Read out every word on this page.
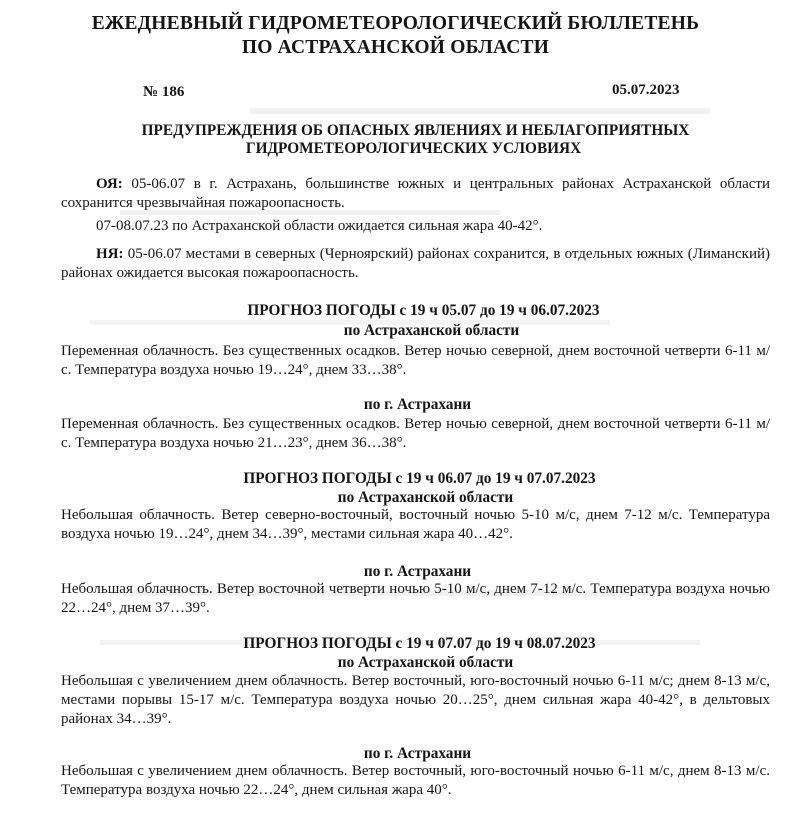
ЕЖЕДНЕВНЫЙ ГИДРОМЕТЕОРОЛОГИЧЕСКИЙ БЮЛЛЕТЕНЬ
ПО АСТРАХАНСКОЙ ОБЛАСТИ
№ 186	05.07.2023
ПРЕДУПРЕЖДЕНИЯ ОБ ОПАСНЫХ ЯВЛЕНИЯХ И НЕБЛАГОПРИЯТНЫХ
ГИДРОМЕТЕОРОЛОГИЧЕСКИХ УСЛОВИЯХ
ОЯ: 05-06.07 в г. Астрахань, большинстве южных и центральных районах Астраханской области сохранится чрезвычайная пожароопасность.
07-08.07.23 по Астраханской области ожидается сильная жара 40-42°.
НЯ: 05-06.07 местами в северных (Черноярский) районах сохранится, в отдельных южных (Лиманский) районах ожидается высокая пожароопасность.
ПРОГНОЗ ПОГОДЫ с 19 ч 05.07 до 19 ч 06.07.2023
по Астраханской области
Переменная облачность. Без существенных осадков. Ветер ночью северной, днем восточной четверти 6-11 м/с. Температура воздуха ночью 19…24°, днем 33…38°.
по г. Астрахани
Переменная облачность. Без существенных осадков. Ветер ночью северной, днем восточной четверти 6-11 м/с. Температура воздуха ночью 21…23°, днем 36…38°.
ПРОГНОЗ ПОГОДЫ с 19 ч 06.07 до 19 ч 07.07.2023
по Астраханской области
Небольшая облачность. Ветер северно-восточный, восточный ночью 5-10 м/с, днем 7-12 м/с. Температура воздуха ночью 19…24°, днем 34…39°, местами сильная жара 40…42°.
по г. Астрахани
Небольшая облачность. Ветер восточной четверти ночью 5-10 м/с, днем 7-12 м/с. Температура воздуха ночью 22…24°, днем 37…39°.
ПРОГНОЗ ПОГОДЫ с 19 ч 07.07 до 19 ч 08.07.2023
по Астраханской области
Небольшая с увеличением днем облачность. Ветер восточный, юго-восточный ночью 6-11 м/с; днем 8-13 м/с, местами порывы 15-17 м/с. Температура воздуха ночью 20…25°, днем сильная жара 40-42°, в дельтовых районах 34…39°.
по г. Астрахани
Небольшая с увеличением днем облачность. Ветер восточный, юго-восточный ночью 6-11 м/с, днем 8-13 м/с. Температура воздуха ночью 22…24°, днем сильная жара 40°.
